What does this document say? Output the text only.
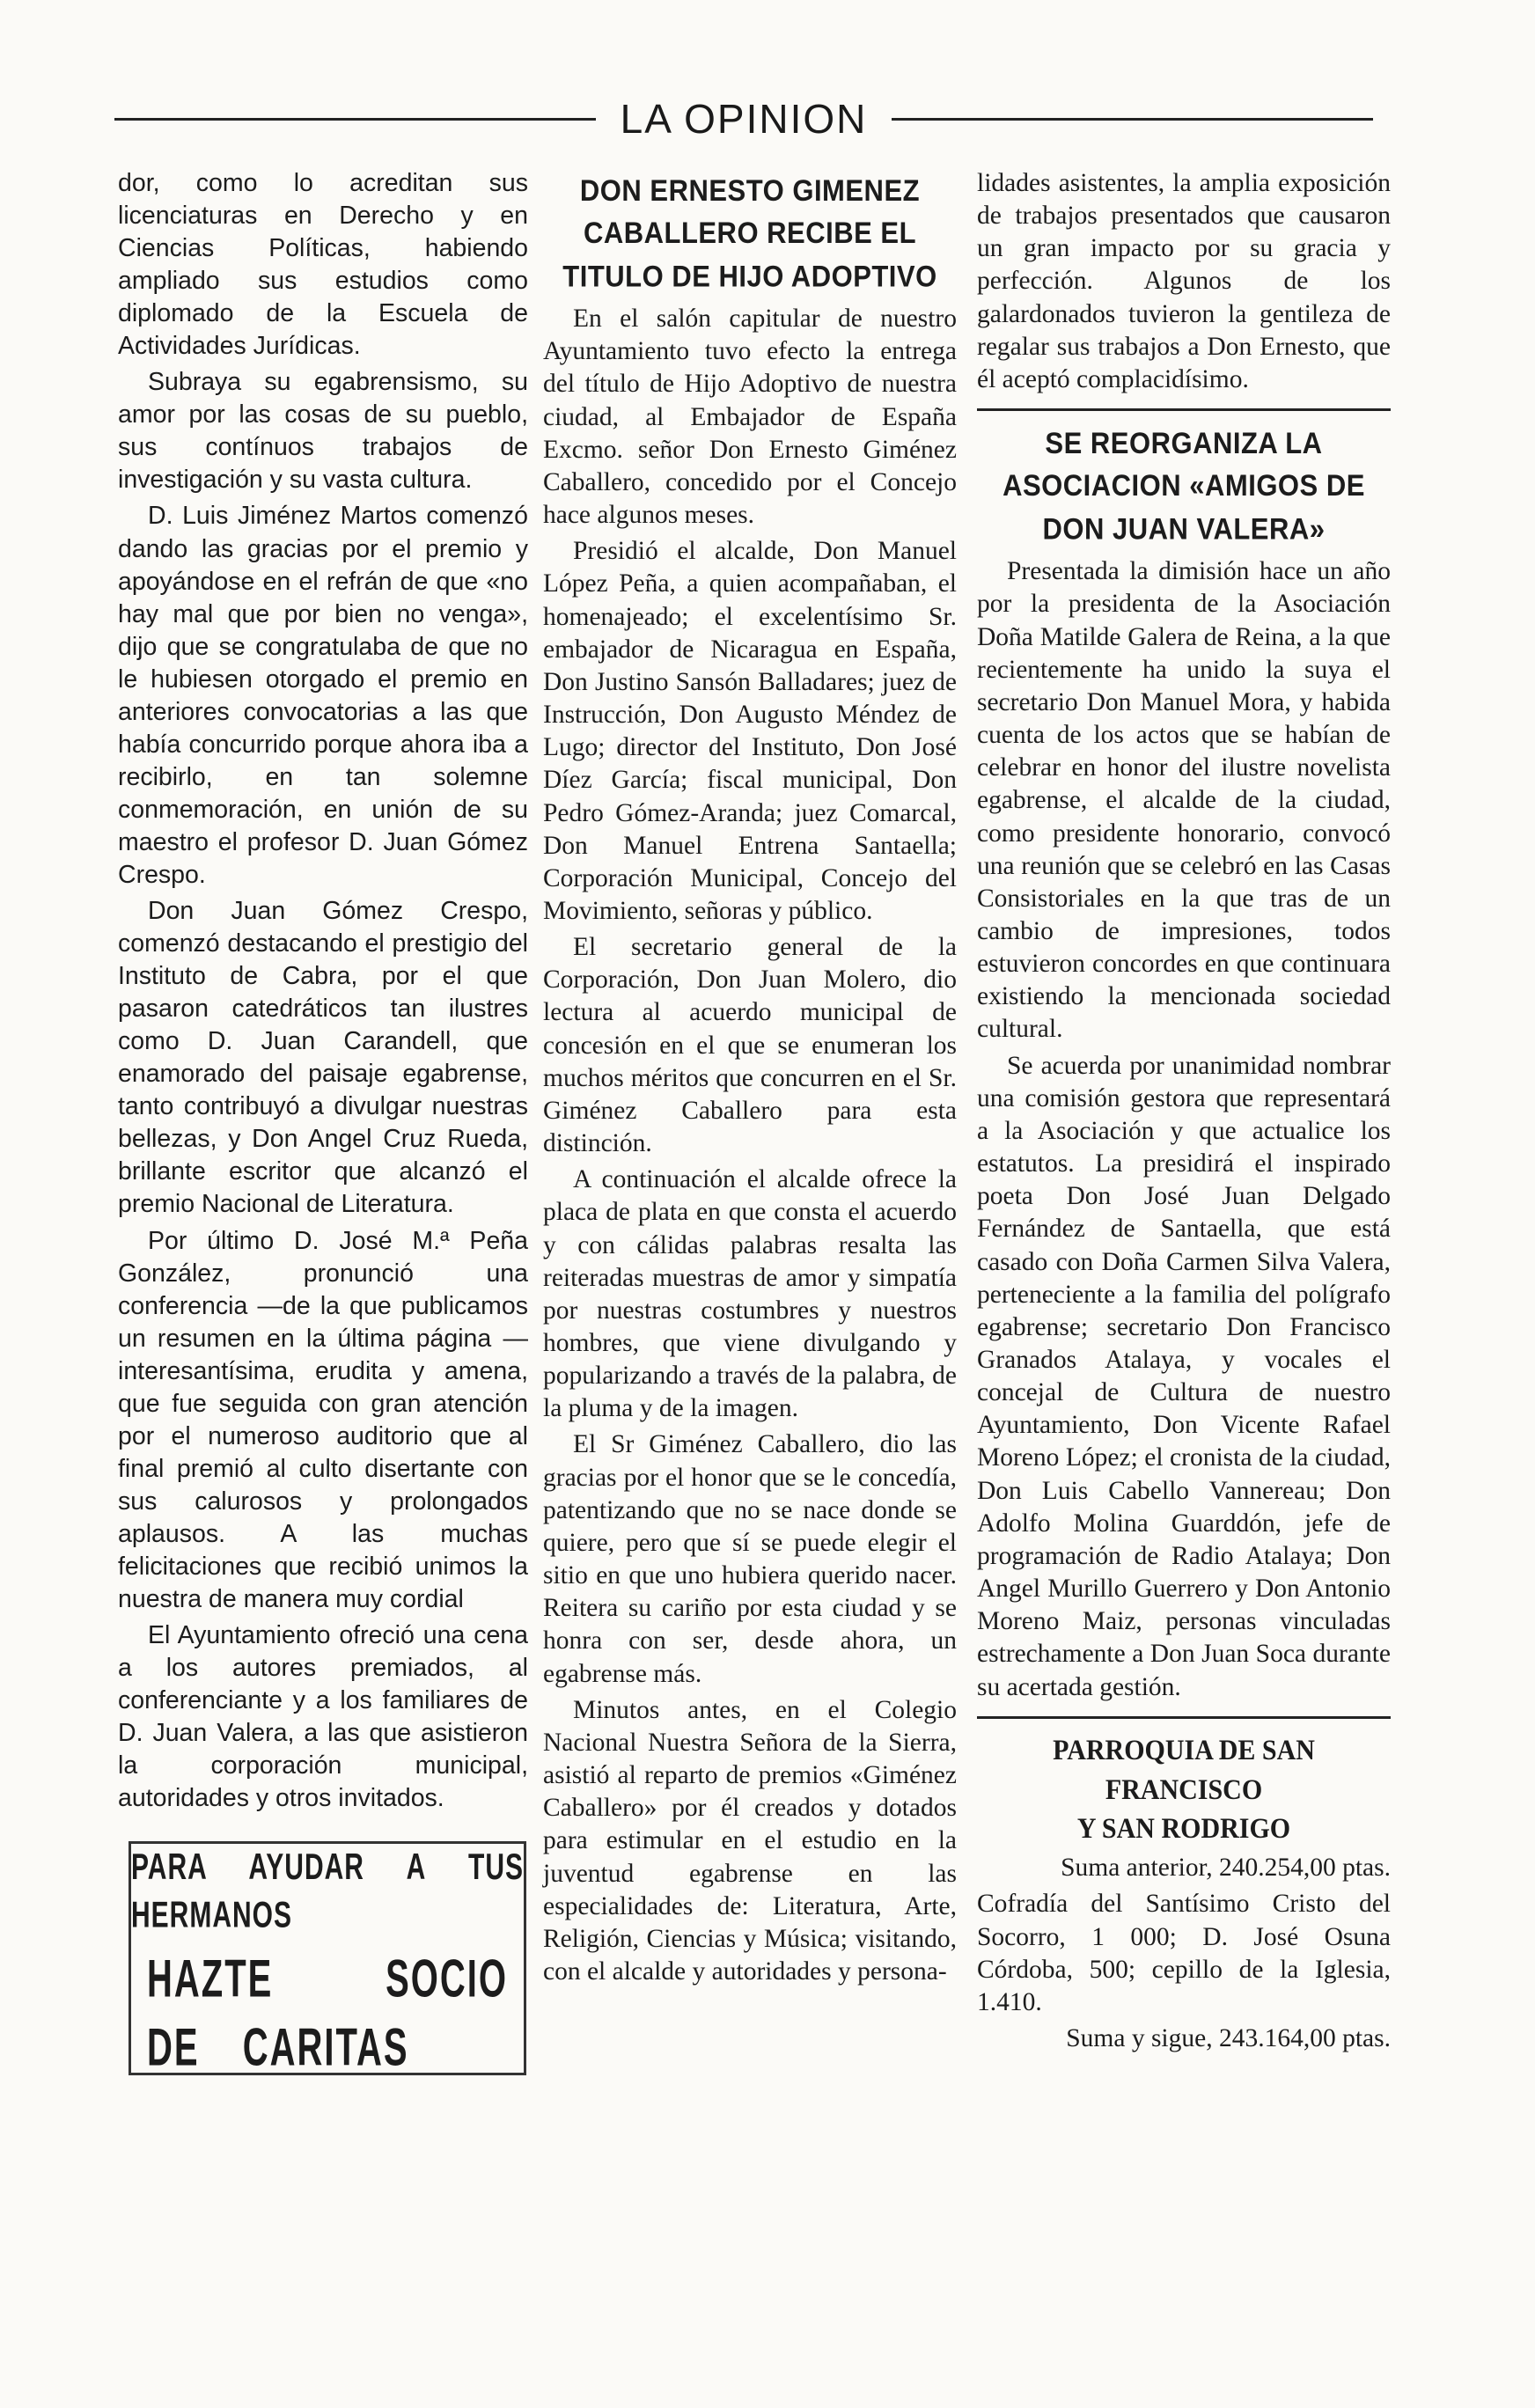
LA OPINION

dor, como lo acreditan sus licenciaturas en Derecho y en Ciencias Políticas, habiendo ampliado sus estudios como diplomado de la Escuela de Actividades Jurídicas.

Subraya su egabrensismo, su amor por las cosas de su pueblo, sus contínuos trabajos de investigación y su vasta cultura.

D. Luis Jiménez Martos comenzó dando las gracias por el premio y apoyándose en el refrán de que «no hay mal que por bien no venga», dijo que se congratulaba de que no le hubiesen otorgado el premio en anteriores convocatorias a las que había concurrido porque ahora iba a recibirlo, en tan solemne conmemoración, en unión de su maestro el profesor D. Juan Gómez Crespo.

Don Juan Gómez Crespo, comenzó destacando el prestigio del Instituto de Cabra, por el que pasaron catedráticos tan ilustres como D. Juan Carandell, que enamorado del paisaje egabrense, tanto contribuyó a divulgar nuestras bellezas, y Don Angel Cruz Rueda, brillante escritor que alcanzó el premio Nacional de Literatura.

Por último D. José M.ª Peña González, pronunció una conferencia —de la que publicamos un resumen en la última página —interesantísima, erudita y amena, que fue seguida con gran atención por el numeroso auditorio que al final premió al culto disertante con sus calurosos y prolongados aplausos. A las muchas felicitaciones que recibió unimos la nuestra de manera muy cordial

El Ayuntamiento ofreció una cena a los autores premiados, al conferenciante y a los familiares de D. Juan Valera, a las que asistieron la corporación municipal, autoridades y otros invitados.

PARA AYUDAR A TUS HERMANOS
HAZTE	SOCIO DE CARITAS
DON ERNESTO GIMENEZ CABALLERO RECIBE EL TITULO DE HIJO ADOPTIVO

En el salón capitular de nuestro Ayuntamiento tuvo efecto la entrega del título de Hijo Adoptivo de nuestra ciudad, al Embajador de España Excmo. señor Don Ernesto Giménez Caballero, concedido por el Concejo hace algunos meses.

Presidió el alcalde, Don Manuel López Peña, a quien acompañaban, el homenajeado; el excelentísimo Sr. embajador de Nicaragua en España, Don Justino Sansón Balladares; juez de Instrucción, Don Augusto Méndez de Lugo; director del Instituto, Don José Díez García; fiscal municipal, Don Pedro Gómez-Aranda; juez Comarcal, Don Manuel Entrena Santaella; Corporación Municipal, Concejo del Movimiento, señoras y público.

El secretario general de la Corporación, Don Juan Molero, dio lectura al acuerdo municipal de concesión en el que se enumeran los muchos méritos que concurren en el Sr. Giménez Caballero para esta distinción.

A continuación el alcalde ofrece la placa de plata en que consta el acuerdo y con cálidas palabras resalta las reiteradas muestras de amor y simpatía por nuestras costumbres y nuestros hombres, que viene divulgando y popularizando a través de la palabra, de la pluma y de la imagen.

El Sr Giménez Caballero, dio las gracias por el honor que se le concedía, patentizando que no se nace donde se quiere, pero que sí se puede elegir el sitio en que uno hubiera querido nacer. Reitera su cariño por esta ciudad y se honra con ser, desde ahora, un egabrense más.

Minutos antes, en el Colegio Nacional Nuestra Señora de la Sierra, asistió al reparto de premios «Giménez Caballero» por él creados y dotados para estimular en el estudio en la juventud egabrense en las especialidades de: Literatura, Arte, Religión, Ciencias y Música; visitando, con el alcalde y autoridades y persona-

lidades asistentes, la amplia exposición de trabajos presentados que causaron un gran impacto por su gracia y perfección. Algunos de los galardonados tuvieron la gentileza de regalar sus trabajos a Don Ernesto, que él aceptó complacidísimo.

SE REORGANIZA LA ASOCIACION «AMIGOS DE DON JUAN VALERA»

Presentada la dimisión hace un año por la presidenta de la Asociación Doña Matilde Galera de Reina, a la que recientemente ha unido la suya el secretario Don Manuel Mora, y habida cuenta de los actos que se habían de celebrar en honor del ilustre novelista egabrense, el alcalde de la ciudad, como presidente honorario, convocó una reunión que se celebró en las Casas Consistoriales en la que tras de un cambio de impresiones, todos estuvieron concordes en que continuara existiendo la mencionada sociedad cultural.

Se acuerda por unanimidad nombrar una comisión gestora que representará a la Asociación y que actualice los estatutos. La presidirá el inspirado poeta Don José Juan Delgado Fernández de Santaella, que está casado con Doña Carmen Silva Valera, perteneciente a la familia del polígrafo egabrense; secretario Don Francisco Granados Atalaya, y vocales el concejal de Cultura de nuestro Ayuntamiento, Don Vicente Rafael Moreno López; el cronista de la ciudad, Don Luis Cabello Vannereau; Don Adolfo Molina Guarddón, jefe de programación de Radio Atalaya; Don Angel Murillo Guerrero y Don Antonio Moreno Maiz, personas vinculadas estrechamente a Don Juan Soca durante su acertada gestión.

PARROQUIA DE SAN FRANCISCO
Y SAN RODRIGO

Suma anterior, 240.254,00 ptas.

Cofradía del Santísimo Cristo del Socorro, 1 000; D. José Osuna Córdoba, 500; cepillo de la Iglesia, 1.410.

Suma y sigue, 243.164,00 ptas.
